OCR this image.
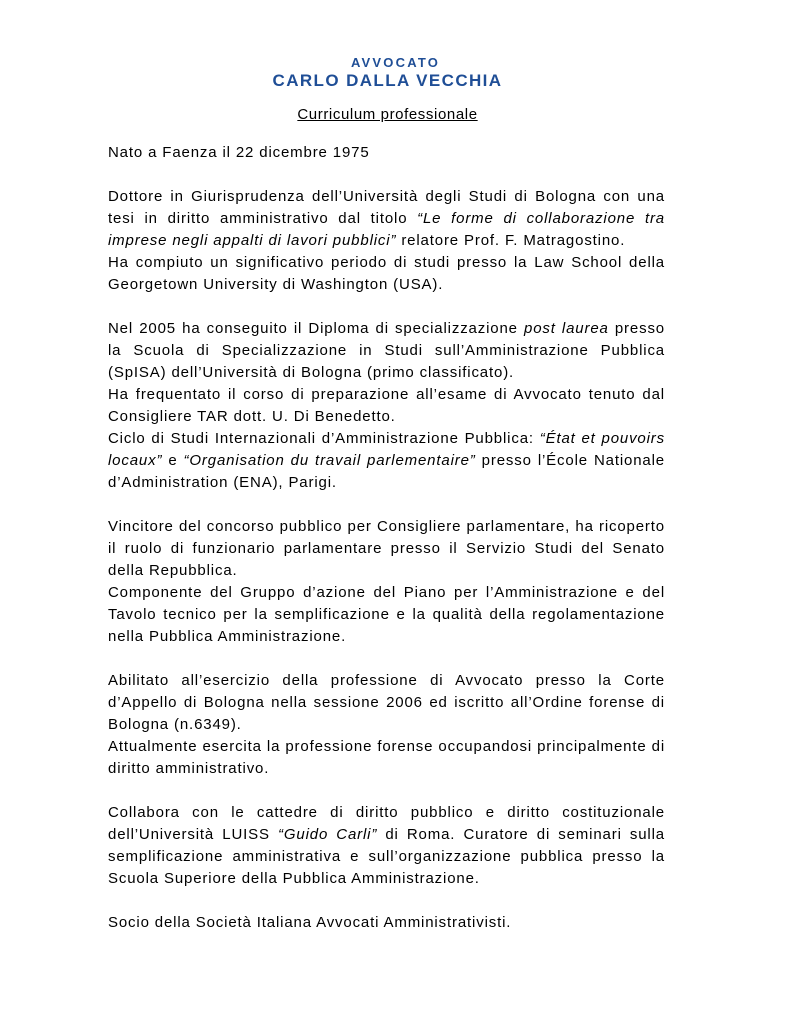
AVVOCATO
CARLO DALLA VECCHIA
Curriculum professionale

Nato a Faenza il 22 dicembre 1975

Dottore in Giurisprudenza dell’Università degli Studi di Bologna con una tesi in diritto amministrativo dal titolo “Le forme di collaborazione tra imprese negli appalti di lavori pubblici” relatore Prof. F. Matragostino.
Ha compiuto un significativo periodo di studi presso la Law School della Georgetown University di Washington (USA).

Nel 2005 ha conseguito il Diploma di specializzazione post laurea presso la Scuola di Specializzazione in Studi sull’Amministrazione Pubblica (SpISA) dell’Università di Bologna (primo classificato).
Ha frequentato il corso di preparazione all’esame di Avvocato tenuto dal Consigliere TAR dott. U. Di Benedetto.
Ciclo di Studi Internazionali d’Amministrazione Pubblica: “État et pouvoirs locaux” e “Organisation du travail parlementaire” presso l’École Nationale d’Administration (ENA), Parigi.

Vincitore del concorso pubblico per Consigliere parlamentare, ha ricoperto il ruolo di funzionario parlamentare presso il Servizio Studi del Senato della Repubblica.
Componente del Gruppo d’azione del Piano per l’Amministrazione e del Tavolo tecnico per la semplificazione e la qualità della regolamentazione nella Pubblica Amministrazione.

Abilitato all’esercizio della professione di Avvocato presso la Corte d’Appello di Bologna nella sessione 2006 ed iscritto all’Ordine forense di Bologna (n.6349).
Attualmente esercita la professione forense occupandosi principalmente di diritto amministrativo.

Collabora con le cattedre di diritto pubblico e diritto costituzionale dell’Università LUISS “Guido Carli” di Roma. Curatore di seminari sulla semplificazione amministrativa e sull’organizzazione pubblica presso la Scuola Superiore della Pubblica Amministrazione.

Socio della Società Italiana Avvocati Amministrativisti.
